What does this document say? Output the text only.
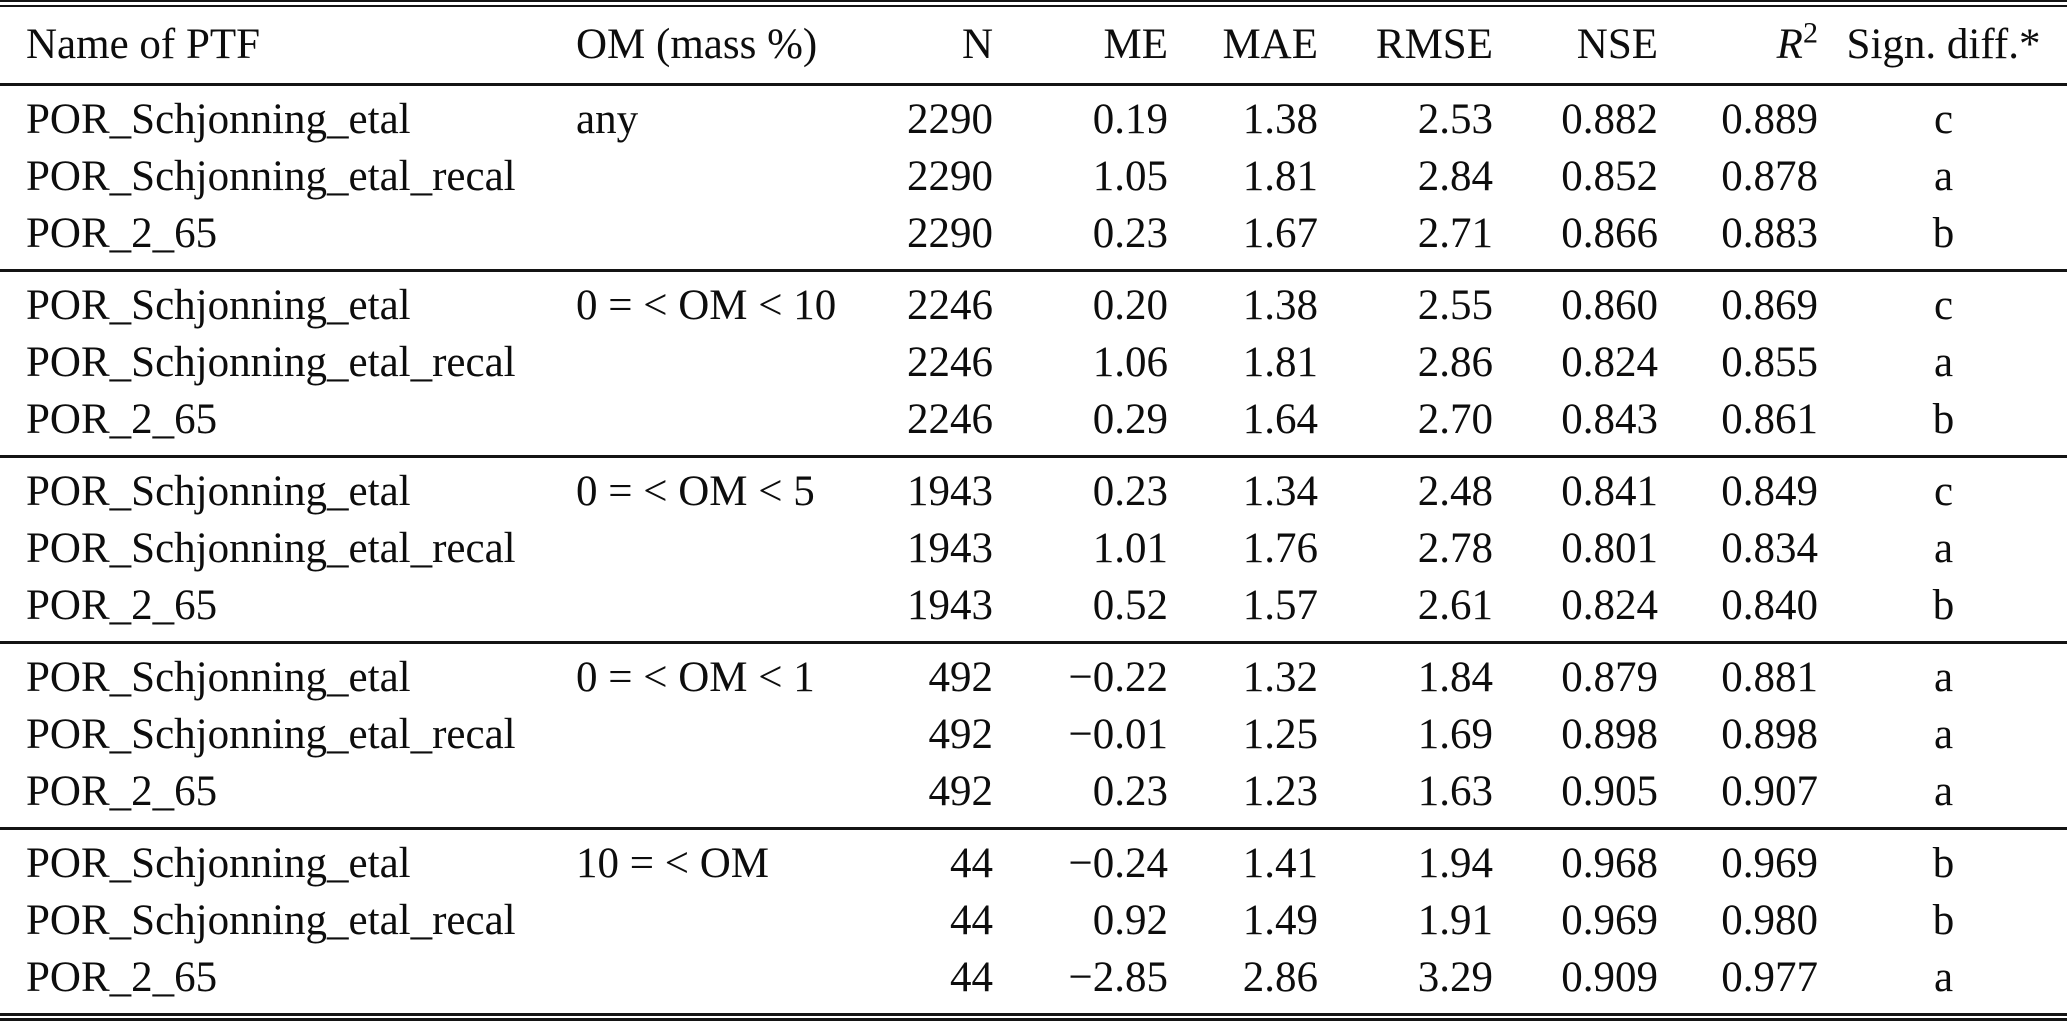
Name of PTF	OM (mass %)	N	ME	MAE	RMSE	NSE	$R^2$	Sign. diff.*
POR_Schjonning_etal	any	2290	0.19	1.38	2.53	0.882	0.889	c
POR_Schjonning_etal_recal		2290	1.05	1.81	2.84	0.852	0.878	a
POR_2_65		2290	0.23	1.67	2.71	0.866	0.883	b
POR_Schjonning_etal	0 = < OM < 10	2246	0.20	1.38	2.55	0.860	0.869	c
POR_Schjonning_etal_recal		2246	1.06	1.81	2.86	0.824	0.855	a
POR_2_65		2246	0.29	1.64	2.70	0.843	0.861	b
POR_Schjonning_etal	0 = < OM < 5	1943	0.23	1.34	2.48	0.841	0.849	c
POR_Schjonning_etal_recal		1943	1.01	1.76	2.78	0.801	0.834	a
POR_2_65		1943	0.52	1.57	2.61	0.824	0.840	b
POR_Schjonning_etal	0 = < OM < 1	492	−0.22	1.32	1.84	0.879	0.881	a
POR_Schjonning_etal_recal		492	−0.01	1.25	1.69	0.898	0.898	a
POR_2_65		492	0.23	1.23	1.63	0.905	0.907	a
POR_Schjonning_etal	10 = < OM	44	−0.24	1.41	1.94	0.968	0.969	b
POR_Schjonning_etal_recal		44	0.92	1.49	1.91	0.969	0.980	b
POR_2_65		44	−2.85	2.86	3.29	0.909	0.977	a
